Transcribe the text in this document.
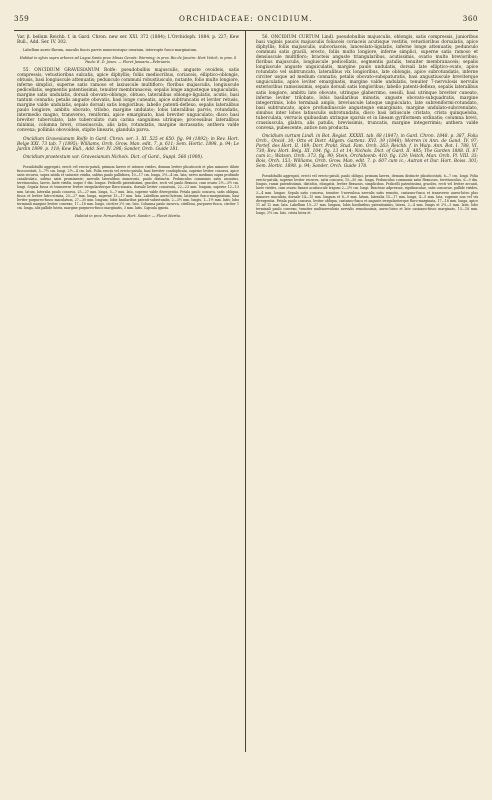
359	ORCHIDACEAE: ONCIDIUM.	360

Var. β. bellum Reichb. f. in Gard. Chron. new ser. XXI. 372 (1884); L'Orchidoph. 1884. p. 227; Kew Bull., Add. Ser. IV. 302.

Labellum aureo-flavum, maculis fuscis parvis numerosisque ornatum, interrupte fusco-marginatum.

Habitat in sylvis supra arbores ad Lagoa Santa prov. Minas Geraës: Warming; in prov. Rio de Janeiro: Hort Veitch; in prov. S Paulo: E. D. Jones. — Floret Januario—Februario.

55. ONCIDIUM GRAVESIANUM Rolfe: pseudobulbis majusculis, anguste ovoideis, satis compressis, vetustioribus sulcatis, apice diphyllis; foliis mediocribus, coriaceis, elliptico-oblongis, obtusis, basi longiuscule attenuatis; pedunculo communi robustiusculo, nutante, folio multo longiore, inferne simplici, superne satis ramoso et laxiuscule multifloro; floribus majusculis, longiuscule pedicellatis, segmentis patentissimis, tenuiter membranaceis; sepalis longe angusteque unguiculatis, margine satis undulatis, dorsali obovato-oblongo, obtuso, lateralibus oblongo-ligulatis, acutis, basi tantum connatis; petalis anguste obovatis, basi longe cuneatis, apice subtruncatis et leviter retusis, margine valde undulatis, sepalo dorsali satis longioribus; labello patenti-deflexo, sepalis lateralibus paulo longiore, ambitu obovato, trilobo, margine undulato; lobis lateralibus parvis, rotundatis, intermedio magno, transverso, reniformi, apice emarginato, basi breviter unguiculato; disco basi breviter tuberculato, late tuberculato cum carina sanguinea utrinque; processibus lateralibus minimis, columna brevi, crassiuscula, alis latis, rotundatis, margine incrassatis; anthera valde convexa; polliniis obovoideis, stipite linearis, glandula parva.

Oncidium Gravesianum Rolfe in Gard. Chron. ser. 3. XI. 525 et 650. fig. 94 (1892); in Rev. Hort. Belge XXI. 73 tab. 7 (1895); Williams, Orch. Grow. Man. edit. 7. p. 611; Sem. Hortic. 1898. p. 94; Le Jardin 1899. p. 118; Kew Bull., Add. Ser. IV. 296; Sander, Orch. Guide 181.

Oncidium praetextum var. Gravesianum Nichols. Dict. of Gard., Suppl. 566 (1900).

Pseudobulbi aggregati, erecti vel erecto-patuli, primum laeves et intense virides, demum leviter plicaticosti et plus minusve dilute fuscocostati, 5—7½ cm. longi, 2½—4 cm. lati. Folia erecta vel erecto-patula, basi breviter conduplicata, superne leviter concava, apice satis recurva, supra nitida et saturate viridia, subtus paulo pallidiora, 10—17 cm. longa, 2½—4 cm. lata; nervo mediano supra profunde canaliculato, subtus satis prominente; nervulis lateralibus numerosis, paulo distinctis. Pedunculus communis satis arcuatus, teretiusculus, laevis, laete viridis, usque 9 dm. longus. Pedicelli patentissimi, graciles, recti vel paulo flexuosi, cum ovario 2½—3½ cm. longi. Sepala fusca et transverse leviter irregulariterque flavo-zonata, dorsale leviter concavum, 22—23 mm. longum, superne 12—13 mm. latum, lateralia paulo concava, 25—27 mm. longa, 5—7 mm. lata, superne valde divergentia. Petala paulo concava, satis obliqua, fusca et leviter lutro-striata, 25—27 mm. longa, superne 15—17 mm. lata. Labellum aureo-luteum, latissime fusco-marginatum, basi leviter purpureo-fusco maculatum, 27—30 mm. longum; lobis basilaribus patenti-subrotundis, 2—3½ mm. longis, 1—1½ mm. latis; lobo terminali margine leviter convexo, 17—18 mm. longo, circiter 2½ cm. lato. Columna paulo incurva, citrillosa, purpureo-fusca, circiter 1 cm. longa, alis pallide luteis, margine purpureo-fusco marginatis, 3 mm. latis. Capsula ignota.

Habitat in prov. Pernambuco: Hort. Sander. — Floret Martio.

56. ONCIDIUM CURTUM Lindl. pseudobulbis majusculis, oblongis, satis compressis, junioribus basi vaginis paucis majusculis foliaceis coriaceis acutisque vestitis, vetustioribus dorsalatis, apice diphyllis; foliis majusculis, subcoriaceis, lanceolato-ligulatis, inferne longe attenuatis; pedunculo communi satis gracili, erecto, foliis multo longiore, inferne simplici, superne satis ramoso et densiuscule multifloro; bracteis anguste triangularibus, acutissimis, ovario multo brevioribus; floribus majusculis, longiuscule pedicellatis, segmentis patulis, tenuiter membranaceis; sepalis longiuscule anguste unguiculatis, margine paulo undulatis, dorsali late elliptico-ovato, apice rotundato vel subtruncato, lateralibus vix longioribus, late oblongis, apice subrotundatis, inferne circiter usque ad medium connatis; petalis obovato-subspaturatis, basi angustiuscule breviterque unguiculatis, apice leviter emarginatis, margine valde undulatis, tenuiter 7-nervulosis nervulis exterioribus ramosissimis, sepalo dorsali satis longioribus; labello patenti-deflexo, sepalis lateralibus satis longiore, ambitu late obovato, utrinque glaberrimo, sessili, basi utrinque breviter cuneato, inferne leviter trilobato, lobis basilaribus minutis, anguste obovato-subquadratis, margine integerrimis, lobo terminali amplo, breviuscule latoque unguiculato, late subreniformi-rotundato, basi subtruncato, apice profundiuscule angusteque emarginato, margine undulato-subcrenulato, sinubus inter lobos latiusculis subrotundatis, disco basi latiuscule cristato, crista quinqueloba, tuberculata, verrucis quibusdam utrinque sparsis et in lineam gyriformem ordinatis; columna brevi, crassiuscula, glabra, alis patulis, brevissimis, truncatis, margine integerrimis; anthera valde convexa, pubescente, antice non producta.

Oncidium curtum Lindl. in Bot. Regist. XXXIII. tab. 68 (1847), in Gard. Chron. 1848. p. 387, Folia Orch., Oncid. 30; Otto et Dietr. Allgem. Gartenz. XVI. 39 (1848); Morren in Ann. de Gand. IV. 97; Portef. des Hort. II. 189; Dorr, Prakt. Stud. Fam. Orch. 263; Reichb. f. in Walp. Ann. Bot. I. 788, VI. 730; Rev. Hort. Belg. III. 104. fig. 13 et 14; Nichols. Dict. of Gard. II. 485; The Garden 1888. II. 87 cum ic.; Watson, Orch. 373. fig. 90; Stein, Orchideenb. 410. fig. 129; Veitch, Man. Orch. Pl. VIII. 33; Bois, Orch. 153; Williams, Orch. Grow. Man. edit. 7. p. 607 cum ic.; Autran et Dur. Hort. Boiss. 301; Sem. Hortic. 1898. p. 94; Sander, Orch. Guide 178.

Pseudobulbi aggregati, erecti vel erecto-patuli, paulo obliqui, primum laeves, demum distincte plicaticostati, 6—7 cm. longi. Folia erecto-patula, superne leviter recurva, satis concava, 15—50 cm. longa. Pedunculus communis satis flexuosus, teretiusculus, 6—9 dm. longus, ramis patentissimis, distichis, elongatis, leviter flexuosis, simplicibus. Pedicelli patentissimi, graciles, recti vel leviter arcuati, laete virides, cum ovario lineari acutiuscule trigono 2—2½ cm. longi. Bracteae adpressae, rigidiusculae, satis concavae, pallide virides, 3—4 mm. longae. Sepala satis concava, tenuiter 5-nervulosa nervulis satis remotis, castaneo-fusca et transverse aureo-luteo plus minusve maculata, dorsale 14—15 mm. longum et 8—9 mm. latum, lateralia 15—17 mm. longa, 4—5 mm. lata, superne non vel vix divergentia. Petala paulo concava, leviter obliqua, castaneo-fusca et anguste irregulariterque flavo-marginata, 17—18 mm. longa, apice 11 ad 12 mm. lata. Labellum 19—27 mm. longum, lobis basilaribus patentissimis, latera, 3—4 mm. longis et 2½—3 mm. latis, lobo terminali paulo convexo, tenuiter multinervulosis nervulis remotissimis, aureo-luteo et late castaneo-fusco marginato, 15—18 mm. longo, 2½ cm. lato, crista lutea et
